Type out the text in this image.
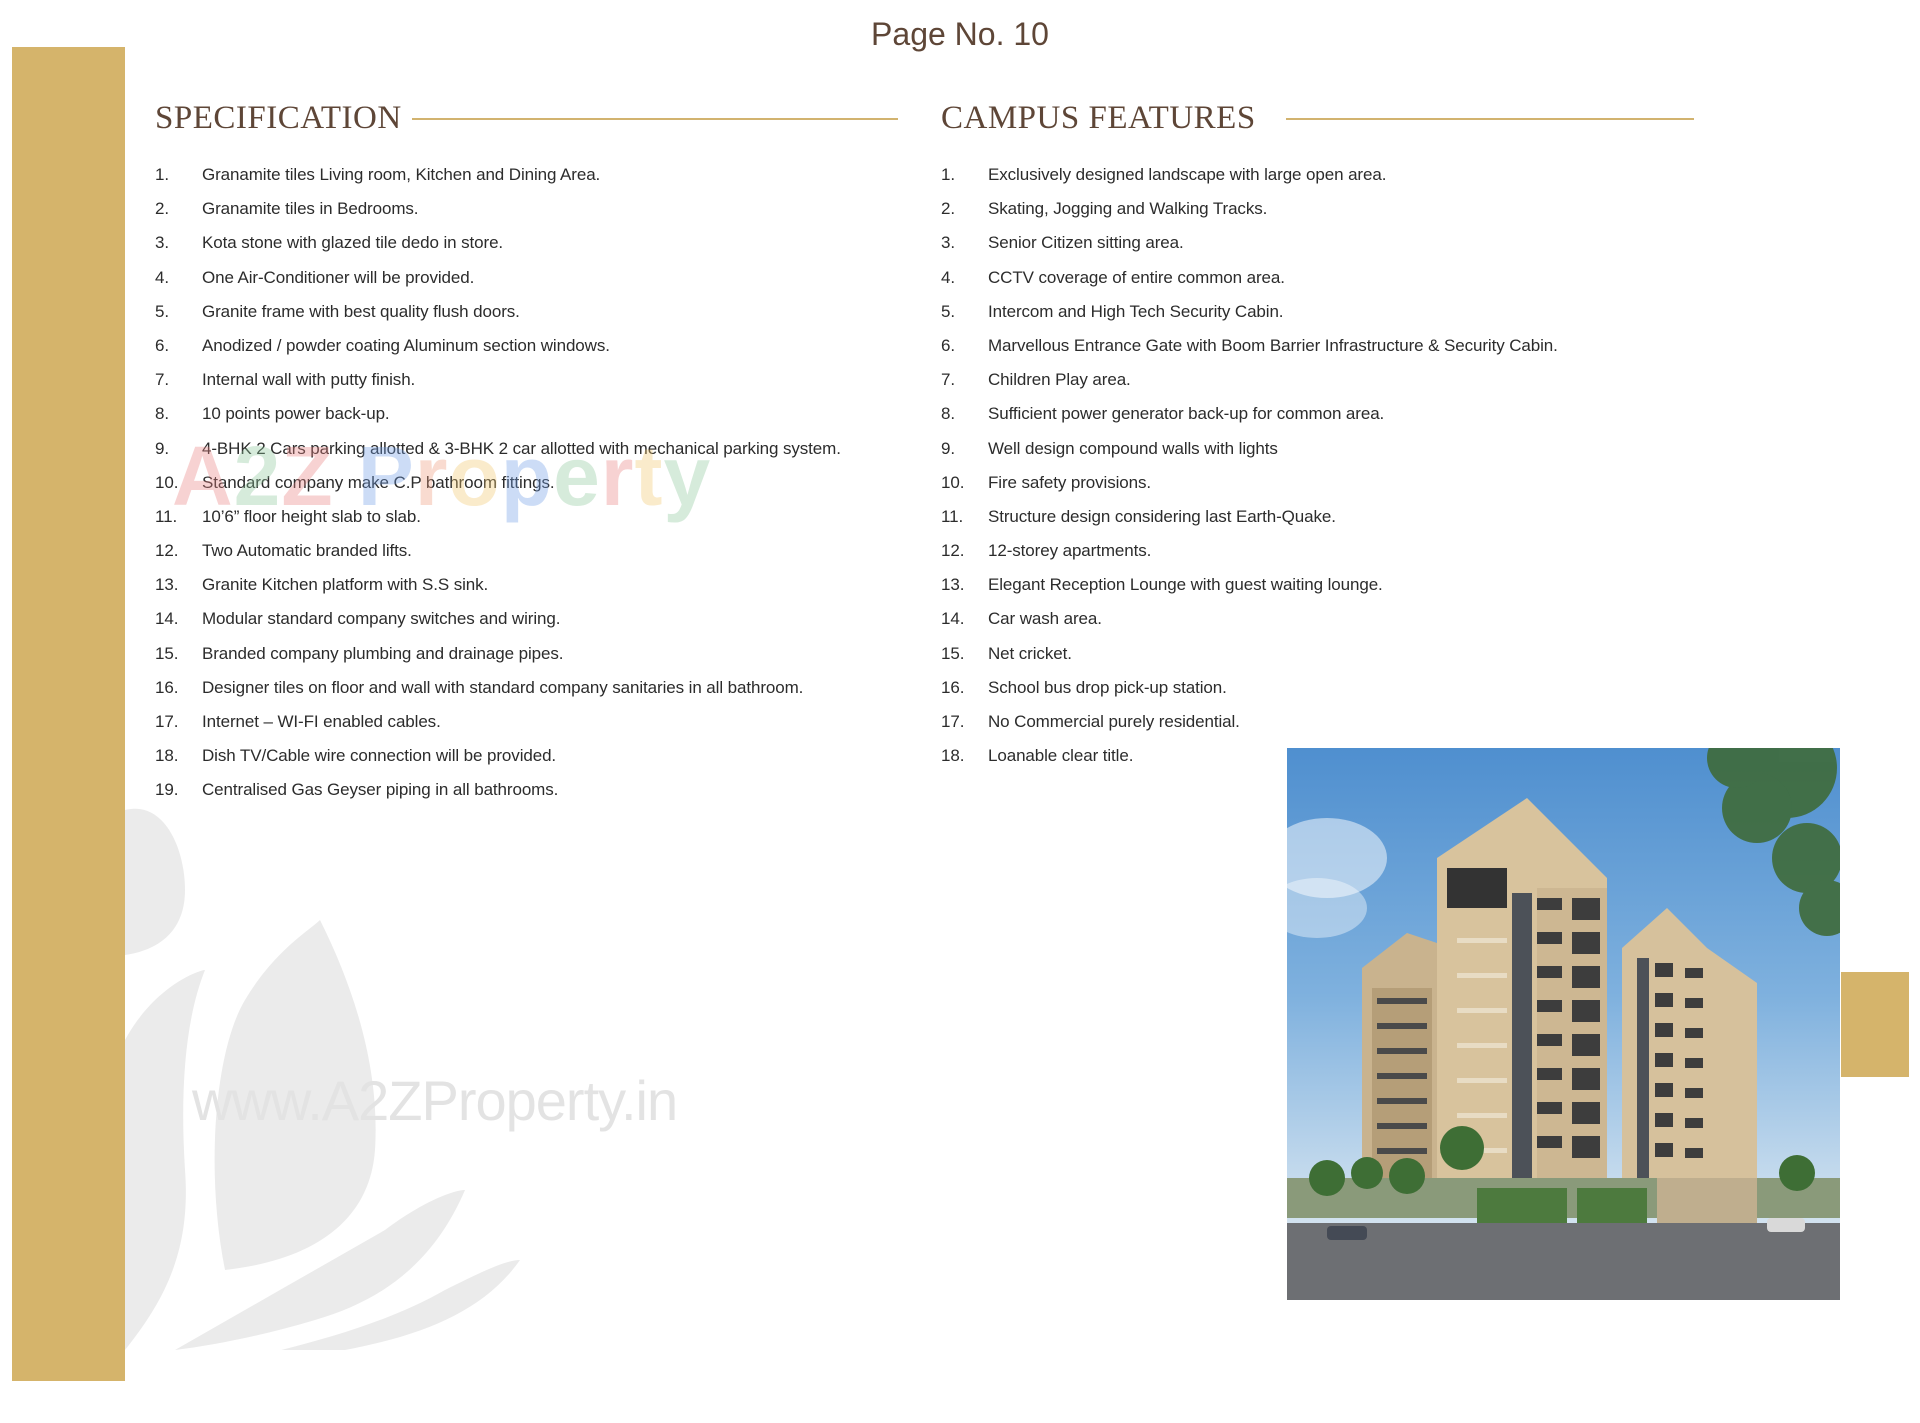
Page No. 10
www.A2ZProperty.in
SPECIFICATION
1. Granamite tiles Living room, Kitchen and Dining Area.
2. Granamite tiles in Bedrooms.
3. Kota stone with glazed tile dedo in store.
4. One Air-Conditioner will be provided.
5. Granite frame with best quality flush doors.
6. Anodized / powder coating Aluminum section windows.
7. Internal wall with putty finish.
8. 10 points power back-up.
9. 4-BHK 2 Cars parking allotted & 3-BHK 2 car allotted with mechanical parking system.
10. Standard company make C.P bathroom fittings.
11. 10’6” floor height slab to slab.
12. Two Automatic branded lifts.
13. Granite Kitchen platform with S.S sink.
14. Modular standard company switches and wiring.
15. Branded company plumbing and drainage pipes.
16. Designer tiles on floor and wall with standard company sanitaries in all bathroom.
17. Internet – WI-FI enabled cables.
18. Dish TV/Cable wire connection will be provided.
19. Centralised Gas Geyser piping in all bathrooms.
CAMPUS FEATURES
1. Exclusively designed landscape with large open area.
2. Skating, Jogging and Walking Tracks.
3. Senior Citizen sitting area.
4. CCTV coverage of entire common area.
5. Intercom and High Tech Security Cabin.
6. Marvellous Entrance Gate with Boom Barrier Infrastructure & Security Cabin.
7. Children Play area.
8. Sufficient power generator back-up for common area.
9. Well design compound walls with lights
10. Fire safety provisions.
11. Structure design considering last Earth-Quake.
12. 12-storey apartments.
13. Elegant Reception Lounge with guest waiting lounge.
14. Car wash area.
15. Net cricket.
16. School bus drop pick-up station.
17. No Commercial purely residential.
18. Loanable clear title.
A2Z Property
